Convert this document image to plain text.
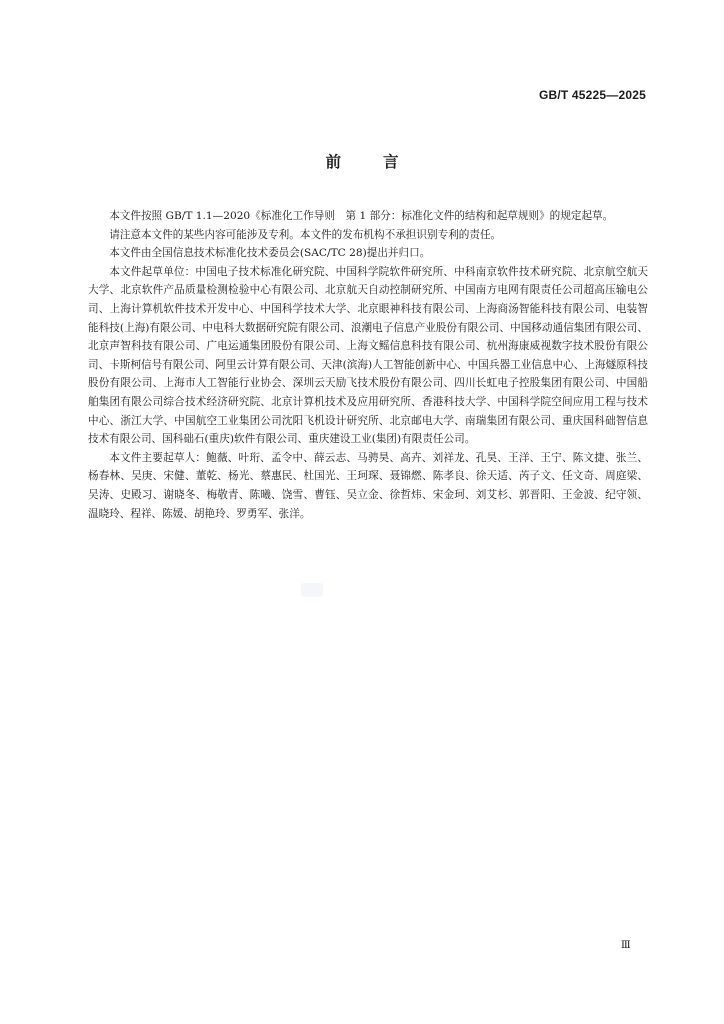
GB/T 45225—2025
前言

本文件按照 GB/T 1.1—2020《标准化工作导则　第 1 部分：标准化文件的结构和起草规则》的规定起草。

请注意本文件的某些内容可能涉及专利。本文件的发布机构不承担识别专利的责任。

本文件由全国信息技术标准化技术委员会(SAC/TC 28)提出并归口。

本文件起草单位：中国电子技术标准化研究院、中国科学院软件研究所、中科南京软件技术研究院、北京航空航天大学、北京软件产品质量检测检验中心有限公司、北京航天自动控制研究所、中国南方电网有限责任公司超高压输电公司、上海计算机软件技术开发中心、中国科学技术大学、北京眼神科技有限公司、上海商汤智能科技有限公司、电装智能科技(上海)有限公司、中电科大数据研究院有限公司、浪潮电子信息产业股份有限公司、中国移动通信集团有限公司、北京声智科技有限公司、广电运通集团股份有限公司、上海文鳐信息科技有限公司、杭州海康威视数字技术股份有限公司、卡斯柯信号有限公司、阿里云计算有限公司、天津(滨海)人工智能创新中心、中国兵器工业信息中心、上海燧原科技股份有限公司、上海市人工智能行业协会、深圳云天励飞技术股份有限公司、四川长虹电子控股集团有限公司、中国船舶集团有限公司综合技术经济研究院、北京计算机技术及应用研究所、香港科技大学、中国科学院空间应用工程与技术中心、浙江大学、中国航空工业集团公司沈阳飞机设计研究所、北京邮电大学、南瑞集团有限公司、重庆国科础智信息技术有限公司、国科础石(重庆)软件有限公司、重庆建设工业(集团)有限责任公司。

本文件主要起草人：鲍薇、叶珩、孟令中、薛云志、马骋昊、高卉、刘祥龙、孔昊、王洋、王宁、陈文捷、张兰、杨春林、吴庚、宋健、董乾、杨光、蔡惠民、杜国光、王珂琛、聂锦燃、陈孝良、徐天适、芮子文、任文奇、周庭梁、吴涛、史殿习、谢晓冬、梅敬青、陈曦、饶雪、曹钰、吴立金、徐哲炜、宋金珂、刘艾杉、郭晋阳、王金波、纪守领、温晓玲、程祥、陈媛、胡艳玲、罗勇军、张洋。

Ⅲ
